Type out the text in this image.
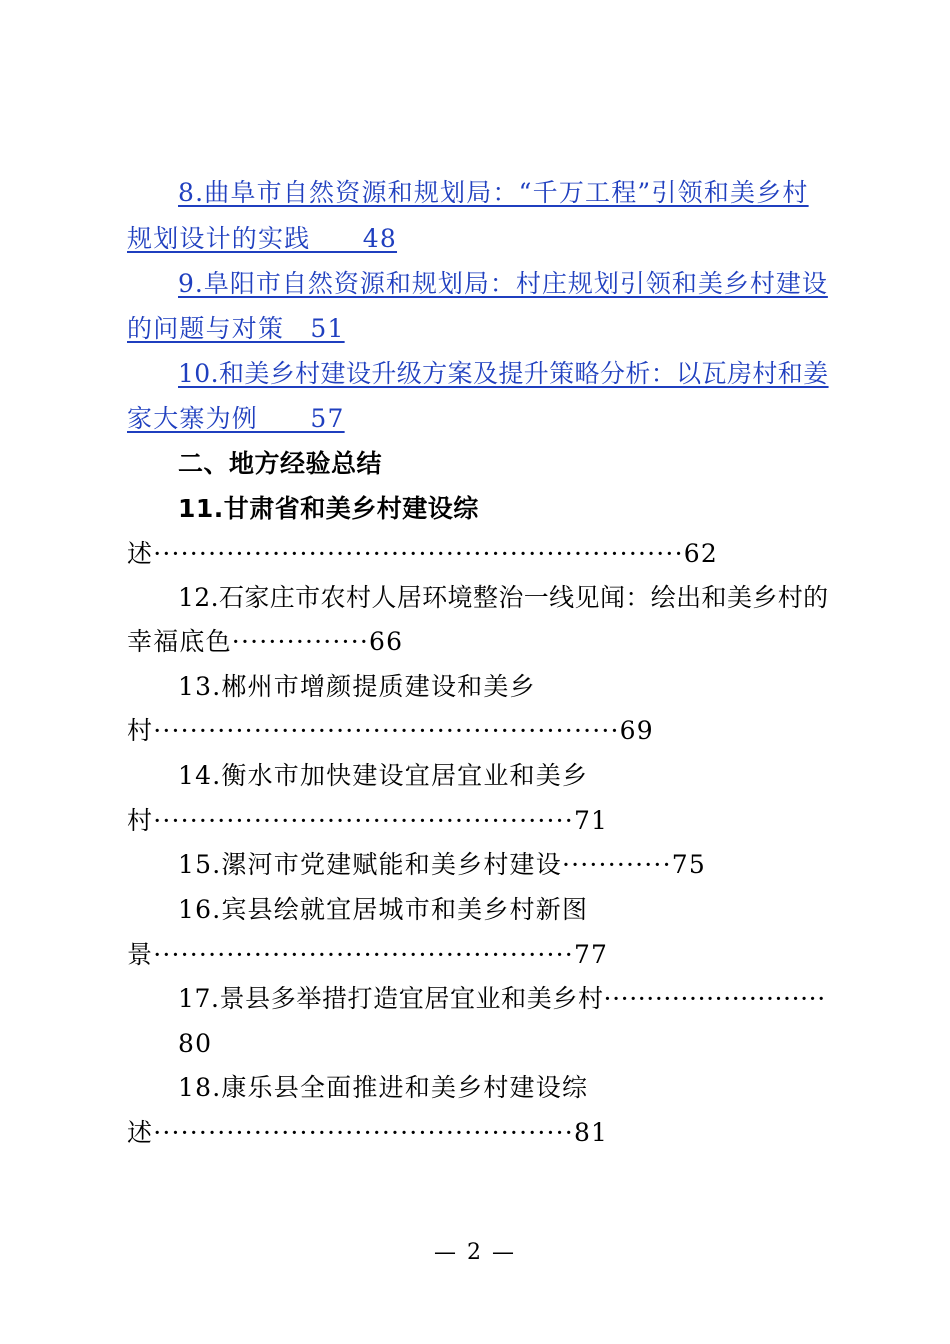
8.曲阜市自然资源和规划局：“千万工程”引领和美乡村
规划设计的实践　　48
9.阜阳市自然资源和规划局：村庄规划引领和美乡村建设
的问题与对策　51
10.和美乡村建设升级方案及提升策略分析：以瓦房村和姜
家大寨为例　　57
二、地方经验总结
11.甘肃省和美乡村建设综
述··························································62
12.石家庄市农村人居环境整治一线见闻：绘出和美乡村的
幸福底色···············66
13.郴州市增颜提质建设和美乡
村···················································69
14.衡水市加快建设宜居宜业和美乡
村··············································71
15.漯河市党建赋能和美乡村建设············75
16.宾县绘就宜居城市和美乡村新图
景··············································77
17.景县多举措打造宜居宜业和美乡村··························
80
18.康乐县全面推进和美乡村建设综
述··············································81
— 2 —
